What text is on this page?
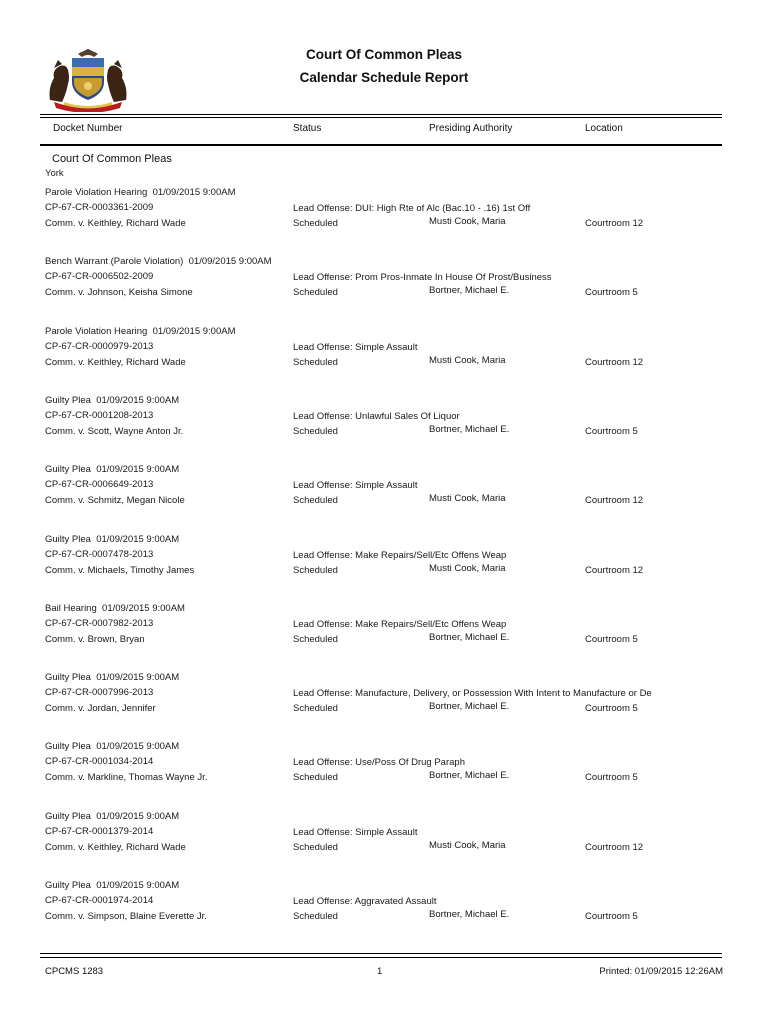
Court Of Common Pleas
Calendar Schedule Report
Docket Number	Status	Presiding Authority	Location
Court Of Common Pleas
York
Parole Violation Hearing 01/09/2015 9:00AM
CP-67-CR-0003361-2009
Comm. v. Keithley, Richard Wade
Lead Offense: DUI: High Rte of Alc (Bac.10 - .16) 1st Off
Scheduled	Musti Cook, Maria	Courtroom 12
Bench Warrant (Parole Violation) 01/09/2015 9:00AM
CP-67-CR-0006502-2009
Comm. v. Johnson, Keisha Simone
Lead Offense: Prom Pros-Inmate In House Of Prost/Business
Scheduled	Bortner, Michael E.	Courtroom 5
Parole Violation Hearing 01/09/2015 9:00AM
CP-67-CR-0000979-2013
Comm. v. Keithley, Richard Wade
Lead Offense: Simple Assault
Scheduled	Musti Cook, Maria	Courtroom 12
Guilty Plea 01/09/2015 9:00AM
CP-67-CR-0001208-2013
Comm. v. Scott, Wayne Anton Jr.
Lead Offense: Unlawful Sales Of Liquor
Scheduled	Bortner, Michael E.	Courtroom 5
Guilty Plea 01/09/2015 9:00AM
CP-67-CR-0006649-2013
Comm. v. Schmitz, Megan Nicole
Lead Offense: Simple Assault
Scheduled	Musti Cook, Maria	Courtroom 12
Guilty Plea 01/09/2015 9:00AM
CP-67-CR-0007478-2013
Comm. v. Michaels, Timothy James
Lead Offense: Make Repairs/Sell/Etc Offens Weap
Scheduled	Musti Cook, Maria	Courtroom 12
Bail Hearing 01/09/2015 9:00AM
CP-67-CR-0007982-2013
Comm. v. Brown, Bryan
Lead Offense: Make Repairs/Sell/Etc Offens Weap
Scheduled	Bortner, Michael E.	Courtroom 5
Guilty Plea 01/09/2015 9:00AM
CP-67-CR-0007996-2013
Comm. v. Jordan, Jennifer
Lead Offense: Manufacture, Delivery, or Possession With Intent to Manufacture or De
Scheduled	Bortner, Michael E.	Courtroom 5
Guilty Plea 01/09/2015 9:00AM
CP-67-CR-0001034-2014
Comm. v. Markline, Thomas Wayne Jr.
Lead Offense: Use/Poss Of Drug Paraph
Scheduled	Bortner, Michael E.	Courtroom 5
Guilty Plea 01/09/2015 9:00AM
CP-67-CR-0001379-2014
Comm. v. Keithley, Richard Wade
Lead Offense: Simple Assault
Scheduled	Musti Cook, Maria	Courtroom 12
Guilty Plea 01/09/2015 9:00AM
CP-67-CR-0001974-2014
Comm. v. Simpson, Blaine Everette Jr.
Lead Offense: Aggravated Assault
Scheduled	Bortner, Michael E.	Courtroom 5
CPCMS 1283	1	Printed: 01/09/2015 12:26AM
